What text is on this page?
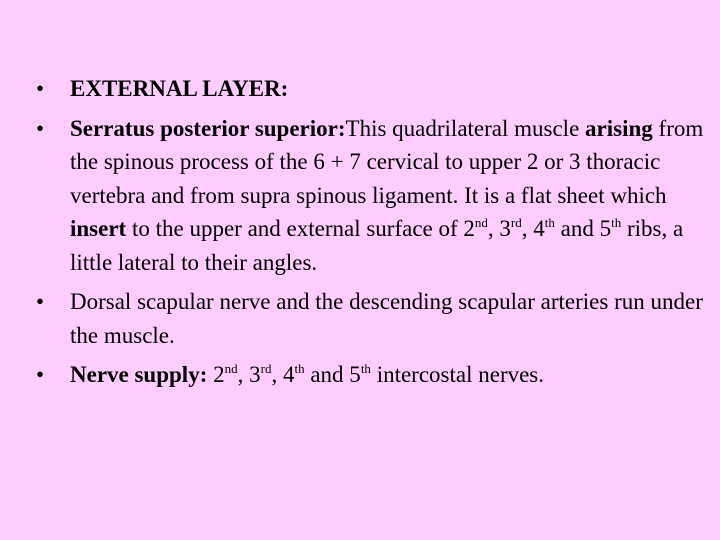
• EXTERNAL LAYER:
• Serratus posterior superior:This quadrilateral muscle arising from the spinous process of the 6 + 7 cervical to upper 2 or 3 thoracic vertebra and from supra spinous ligament. It is a flat sheet which insert to the upper and external surface of 2nd, 3rd, 4th and 5th ribs, a little lateral to their angles.
• Dorsal scapular nerve and the descending scapular arteries run under the muscle.
• Nerve supply: 2nd, 3rd, 4th and 5th intercostal nerves.
